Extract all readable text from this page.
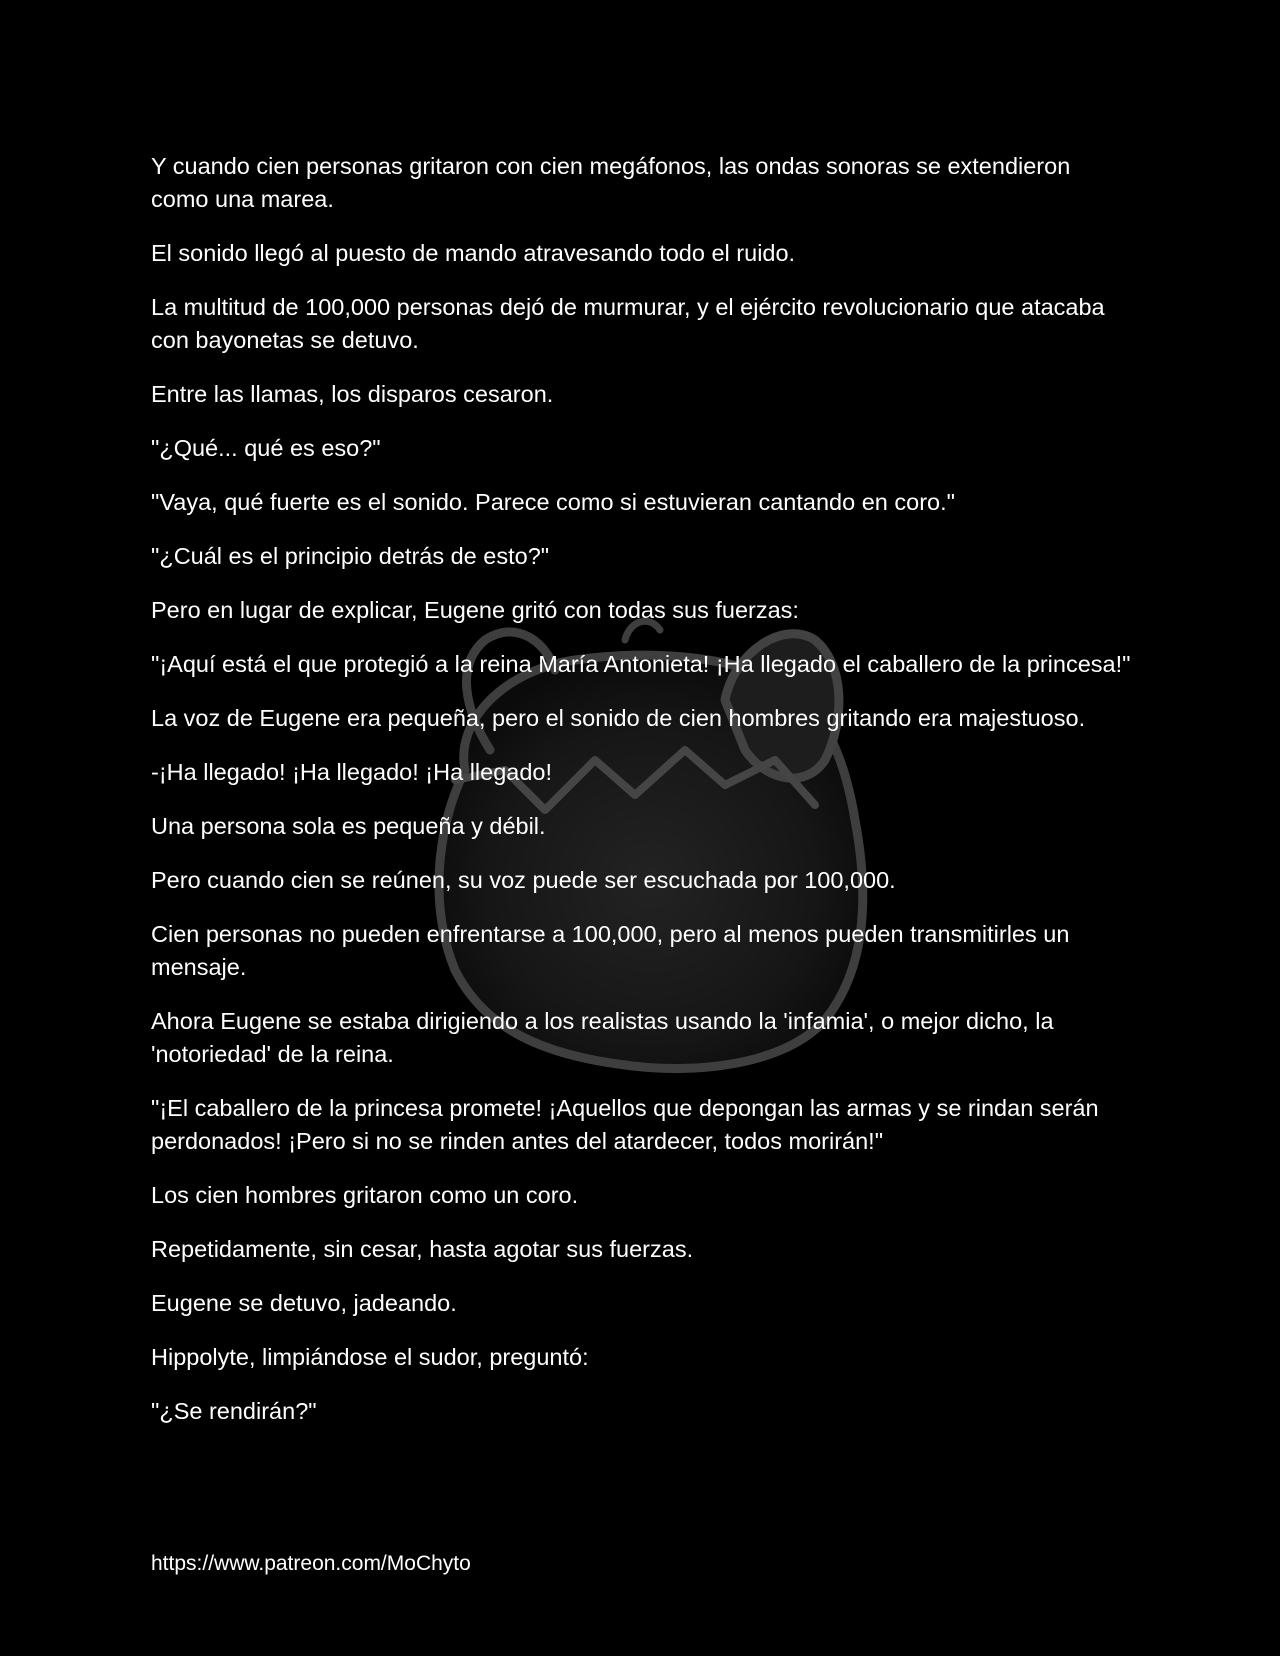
Y cuando cien personas gritaron con cien megáfonos, las ondas sonoras se extendieron como una marea.

El sonido llegó al puesto de mando atravesando todo el ruido.

La multitud de 100,000 personas dejó de murmurar, y el ejército revolucionario que atacaba con bayonetas se detuvo.

Entre las llamas, los disparos cesaron.

"¿Qué... qué es eso?"

"Vaya, qué fuerte es el sonido. Parece como si estuvieran cantando en coro."

"¿Cuál es el principio detrás de esto?"

Pero en lugar de explicar, Eugene gritó con todas sus fuerzas:

"¡Aquí está el que protegió a la reina María Antonieta! ¡Ha llegado el caballero de la princesa!"

La voz de Eugene era pequeña, pero el sonido de cien hombres gritando era majestuoso.

-¡Ha llegado! ¡Ha llegado! ¡Ha llegado!

Una persona sola es pequeña y débil.

Pero cuando cien se reúnen, su voz puede ser escuchada por 100,000.

Cien personas no pueden enfrentarse a 100,000, pero al menos pueden transmitirles un mensaje.

Ahora Eugene se estaba dirigiendo a los realistas usando la 'infamia', o mejor dicho, la 'notoriedad' de la reina.

"¡El caballero de la princesa promete! ¡Aquellos que depongan las armas y se rindan serán perdonados! ¡Pero si no se rinden antes del atardecer, todos morirán!"

Los cien hombres gritaron como un coro.

Repetidamente, sin cesar, hasta agotar sus fuerzas.

Eugene se detuvo, jadeando.

Hippolyte, limpiándose el sudor, preguntó:

"¿Se rendirán?"

https://www.patreon.com/MoChyto
